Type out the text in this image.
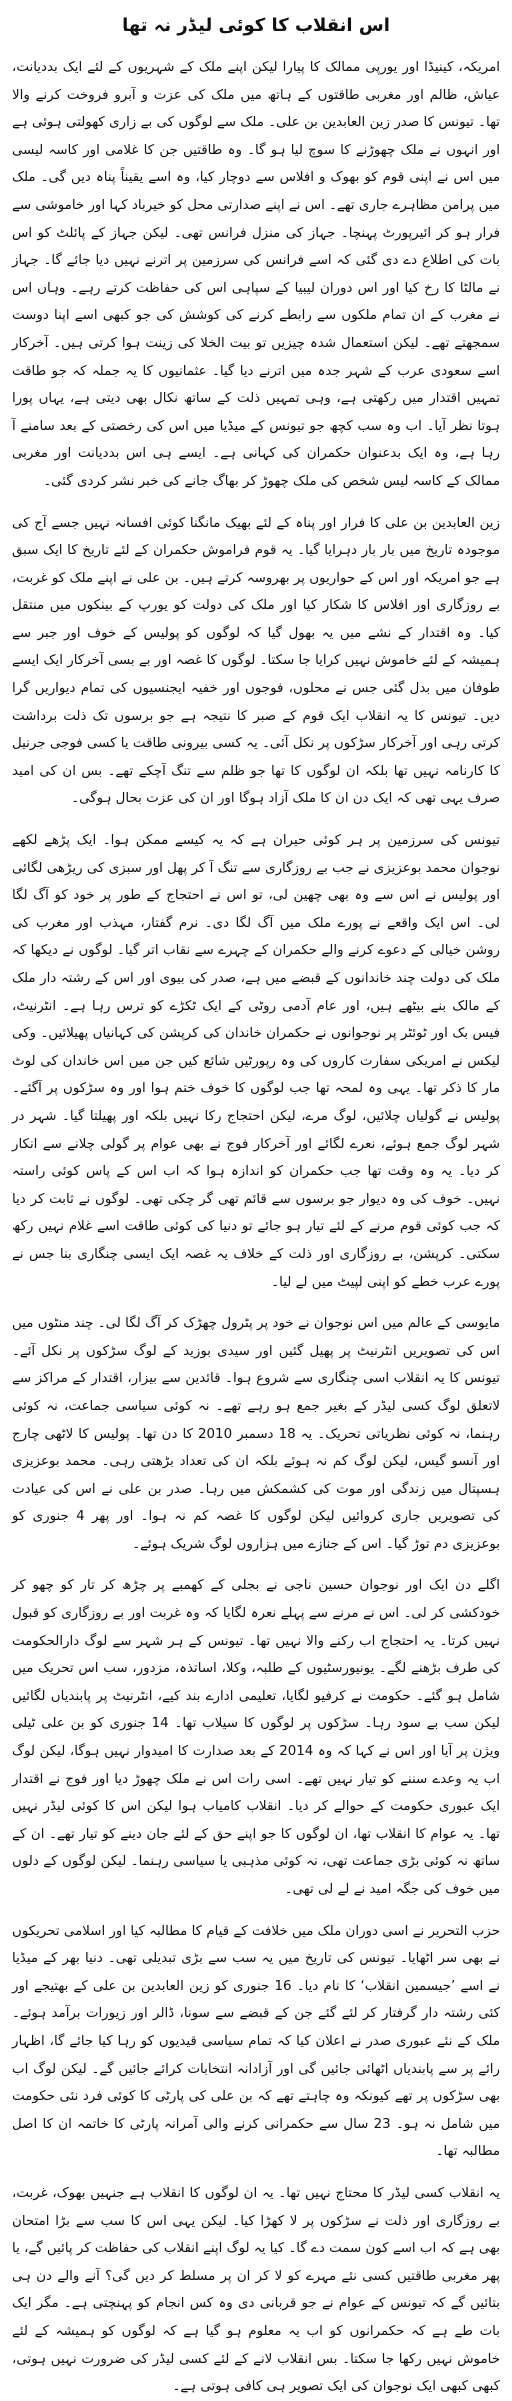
اس انقلاب کا کوئی لیڈر نہ تھا

امریکہ، کینیڈا اور یورپی ممالک کا پیارا لیکن اپنے ملک کے شہریوں کے لئے ایک بددیانت، عیاش، ظالم اور مغربی طاقتوں کے ہاتھ میں ملک کی عزت و آبرو فروخت کرنے والا تھا۔ تیونس کا صدر زین العابدین بن علی۔ ملک سے لوگوں کی بے زاری کھولتی ہوئی ہے اور انہوں نے ملک چھوڑنے کا سوچ لیا ہو گا۔ وہ طاقتیں جن کا غلامی اور کاسہ لیسی میں اس نے اپنی قوم کو بھوک و افلاس سے دوچار کیا، وہ اسے یقیناً پناہ دیں گی۔ ملک میں پرامن مظاہرے جاری تھے۔ اس نے اپنے صدارتی محل کو خیرباد کہا اور خاموشی سے فرار ہو کر ائیرپورٹ پہنچا۔ جہاز کی منزل فرانس تھی۔ لیکن جہاز کے پائلٹ کو اس بات کی اطلاع دے دی گئی کہ اسے فرانس کی سرزمین پر اترنے نہیں دیا جائے گا۔ جہاز نے مالٹا کا رخ کیا اور اس دوران لیبیا کے سپاہی اس کی حفاظت کرتے رہے۔ وہاں اس نے مغرب کے ان تمام ملکوں سے رابطے کرنے کی کوشش کی جو کبھی اسے اپنا دوست سمجھتے تھے۔ لیکن استعمال شدہ چیزیں تو بیت الخلا کی زینت ہوا کرتی ہیں۔ آخرکار اسے سعودی عرب کے شہر جدہ میں اترنے دیا گیا۔ عثمانیوں کا یہ جملہ کہ جو طاقت تمہیں اقتدار میں رکھتی ہے، وہی تمہیں ذلت کے ساتھ نکال بھی دیتی ہے، یہاں پورا ہوتا نظر آیا۔ اب وہ سب کچھ جو تیونس کے میڈیا میں اس کی رخصتی کے بعد سامنے آ رہا ہے، وہ ایک بدعنوان حکمران کی کہانی ہے۔ ایسے ہی اس بددیانت اور مغربی ممالک کے کاسہ لیس شخص کی ملک چھوڑ کر بھاگ جانے کی خبر نشر کردی گئی۔

زین العابدین بن علی کا فرار اور پناہ کے لئے بھیک مانگنا کوئی افسانہ نہیں جسے آج کی موجودہ تاریخ میں بار بار دہرایا گیا۔ یہ قوم فراموش حکمران کے لئے تاریخ کا ایک سبق ہے جو امریکہ اور اس کے حواریوں پر بھروسہ کرتے ہیں۔ بن علی نے اپنے ملک کو غربت، بے روزگاری اور افلاس کا شکار کیا اور ملک کی دولت کو یورپ کے بینکوں میں منتقل کیا۔ وہ اقتدار کے نشے میں یہ بھول گیا کہ لوگوں کو پولیس کے خوف اور جبر سے ہمیشہ کے لئے خاموش نہیں کرایا جا سکتا۔ لوگوں کا غصہ اور بے بسی آخرکار ایک ایسے طوفان میں بدل گئی جس نے محلوں، فوجوں اور خفیہ ایجنسیوں کی تمام دیواریں گرا دیں۔ تیونس کا یہ انقلاب ایک قوم کے صبر کا نتیجہ ہے جو برسوں تک ذلت برداشت کرتی رہی اور آخرکار سڑکوں پر نکل آئی۔ یہ کسی بیرونی طاقت یا کسی فوجی جرنیل کا کارنامہ نہیں تھا بلکہ ان لوگوں کا تھا جو ظلم سے تنگ آچکے تھے۔ بس ان کی امید صرف یہی تھی کہ ایک دن ان کا ملک آزاد ہوگا اور ان کی عزت بحال ہوگی۔

تیونس کی سرزمین پر ہر کوئی حیران ہے کہ یہ کیسے ممکن ہوا۔ ایک پڑھے لکھے نوجوان محمد بوعزیزی نے جب بے روزگاری سے تنگ آ کر پھل اور سبزی کی ریڑھی لگائی اور پولیس نے اس سے وہ بھی چھین لی، تو اس نے احتجاج کے طور پر خود کو آگ لگا لی۔ اس ایک واقعے نے پورے ملک میں آگ لگا دی۔ نرم گفتار، مہذب اور مغرب کی روشن خیالی کے دعوے کرنے والے حکمران کے چہرے سے نقاب اتر گیا۔ لوگوں نے دیکھا کہ ملک کی دولت چند خاندانوں کے قبضے میں ہے، صدر کی بیوی اور اس کے رشتہ دار ملک کے مالک بنے بیٹھے ہیں، اور عام آدمی روٹی کے ایک ٹکڑے کو ترس رہا ہے۔ انٹرنیٹ، فیس بک اور ٹوئٹر پر نوجوانوں نے حکمران خاندان کی کرپشن کی کہانیاں پھیلائیں۔ وکی لیکس نے امریکی سفارت کاروں کی وہ رپورٹیں شائع کیں جن میں اس خاندان کی لوٹ مار کا ذکر تھا۔ یہی وہ لمحہ تھا جب لوگوں کا خوف ختم ہوا اور وہ سڑکوں پر آگئے۔ پولیس نے گولیاں چلائیں، لوگ مرے، لیکن احتجاج رکا نہیں بلکہ اور پھیلتا گیا۔ شہر در شہر لوگ جمع ہوئے، نعرے لگائے اور آخرکار فوج نے بھی عوام پر گولی چلانے سے انکار کر دیا۔ یہ وہ وقت تھا جب حکمران کو اندازہ ہوا کہ اب اس کے پاس کوئی راستہ نہیں۔ خوف کی وہ دیوار جو برسوں سے قائم تھی گر چکی تھی۔ لوگوں نے ثابت کر دیا کہ جب کوئی قوم مرنے کے لئے تیار ہو جائے تو دنیا کی کوئی طاقت اسے غلام نہیں رکھ سکتی۔ کرپشن، بے روزگاری اور ذلت کے خلاف یہ غصہ ایک ایسی چنگاری بنا جس نے پورے عرب خطے کو اپنی لپیٹ میں لے لیا۔

مایوسی کے عالم میں اس نوجوان نے خود پر پٹرول چھڑک کر آگ لگا لی۔ چند منٹوں میں اس کی تصویریں انٹرنیٹ پر پھیل گئیں اور سیدی بوزید کے لوگ سڑکوں پر نکل آئے۔ تیونس کا یہ انقلاب اسی چنگاری سے شروع ہوا۔ قائدین سے بیزار، اقتدار کے مراکز سے لاتعلق لوگ کسی لیڈر کے بغیر جمع ہو رہے تھے۔ نہ کوئی سیاسی جماعت، نہ کوئی رہنما، نہ کوئی نظریاتی تحریک۔ یہ 18 دسمبر 2010 کا دن تھا۔ پولیس کا لاٹھی چارج اور آنسو گیس، لیکن لوگ کم نہ ہوئے بلکہ ان کی تعداد بڑھتی رہی۔ محمد بوعزیزی ہسپتال میں زندگی اور موت کی کشمکش میں رہا۔ صدر بن علی نے اس کی عیادت کی تصویریں جاری کروائیں لیکن لوگوں کا غصہ کم نہ ہوا۔ اور پھر 4 جنوری کو بوعزیزی دم توڑ گیا۔ اس کے جنازے میں ہزاروں لوگ شریک ہوئے۔

اگلے دن ایک اور نوجوان حسین ناجی نے بجلی کے کھمبے پر چڑھ کر تار کو چھو کر خودکشی کر لی۔ اس نے مرنے سے پہلے نعرہ لگایا کہ وہ غربت اور بے روزگاری کو قبول نہیں کرتا۔ یہ احتجاج اب رکنے والا نہیں تھا۔ تیونس کے ہر شہر سے لوگ دارالحکومت کی طرف بڑھنے لگے۔ یونیورسٹیوں کے طلبہ، وکلا، اساتذہ، مزدور، سب اس تحریک میں شامل ہو گئے۔ حکومت نے کرفیو لگایا، تعلیمی ادارے بند کیے، انٹرنیٹ پر پابندیاں لگائیں لیکن سب بے سود رہا۔ سڑکوں پر لوگوں کا سیلاب تھا۔ 14 جنوری کو بن علی ٹیلی ویژن پر آیا اور اس نے کہا کہ وہ 2014 کے بعد صدارت کا امیدوار نہیں ہوگا، لیکن لوگ اب یہ وعدے سننے کو تیار نہیں تھے۔ اسی رات اس نے ملک چھوڑ دیا اور فوج نے اقتدار ایک عبوری حکومت کے حوالے کر دیا۔ انقلاب کامیاب ہوا لیکن اس کا کوئی لیڈر نہیں تھا۔ یہ عوام کا انقلاب تھا، ان لوگوں کا جو اپنے حق کے لئے جان دینے کو تیار تھے۔ ان کے ساتھ نہ کوئی بڑی جماعت تھی، نہ کوئی مذہبی یا سیاسی رہنما۔ لیکن لوگوں کے دلوں میں خوف کی جگہ امید نے لے لی تھی۔

حزب التحریر نے اسی دوران ملک میں خلافت کے قیام کا مطالبہ کیا اور اسلامی تحریکوں نے بھی سر اٹھایا۔ تیونس کی تاریخ میں یہ سب سے بڑی تبدیلی تھی۔ دنیا بھر کے میڈیا نے اسے ’جیسمین انقلاب‘ کا نام دیا۔ 16 جنوری کو زین العابدین بن علی کے بھتیجے اور کئی رشتہ دار گرفتار کر لئے گئے جن کے قبضے سے سونا، ڈالر اور زیورات برآمد ہوئے۔ ملک کے نئے عبوری صدر نے اعلان کیا کہ تمام سیاسی قیدیوں کو رہا کیا جائے گا، اظہار رائے پر سے پابندیاں اٹھائی جائیں گی اور آزادانہ انتخابات کرائے جائیں گے۔ لیکن لوگ اب بھی سڑکوں پر تھے کیونکہ وہ چاہتے تھے کہ بن علی کی پارٹی کا کوئی فرد نئی حکومت میں شامل نہ ہو۔ 23 سال سے حکمرانی کرنے والی آمرانہ پارٹی کا خاتمہ ان کا اصل مطالبہ تھا۔

یہ انقلاب کسی لیڈر کا محتاج نہیں تھا۔ یہ ان لوگوں کا انقلاب ہے جنہیں بھوک، غربت، بے روزگاری اور ذلت نے سڑکوں پر لا کھڑا کیا۔ لیکن یہی اس کا سب سے بڑا امتحان بھی ہے کہ اب اسے کون سمت دے گا۔ کیا یہ لوگ اپنے انقلاب کی حفاظت کر پائیں گے، یا پھر مغربی طاقتیں کسی نئے مہرے کو لا کر ان پر مسلط کر دیں گی؟ آنے والے دن ہی بتائیں گے کہ تیونس کے عوام نے جو قربانی دی وہ کس انجام کو پہنچتی ہے۔ مگر ایک بات طے ہے کہ حکمرانوں کو اب یہ معلوم ہو گیا ہے کہ لوگوں کو ہمیشہ کے لئے خاموش نہیں رکھا جا سکتا۔ بس انقلاب لانے کے لئے کسی لیڈر کی ضرورت نہیں ہوتی، کبھی کبھی ایک نوجوان کی ایک تصویر ہی کافی ہوتی ہے۔
